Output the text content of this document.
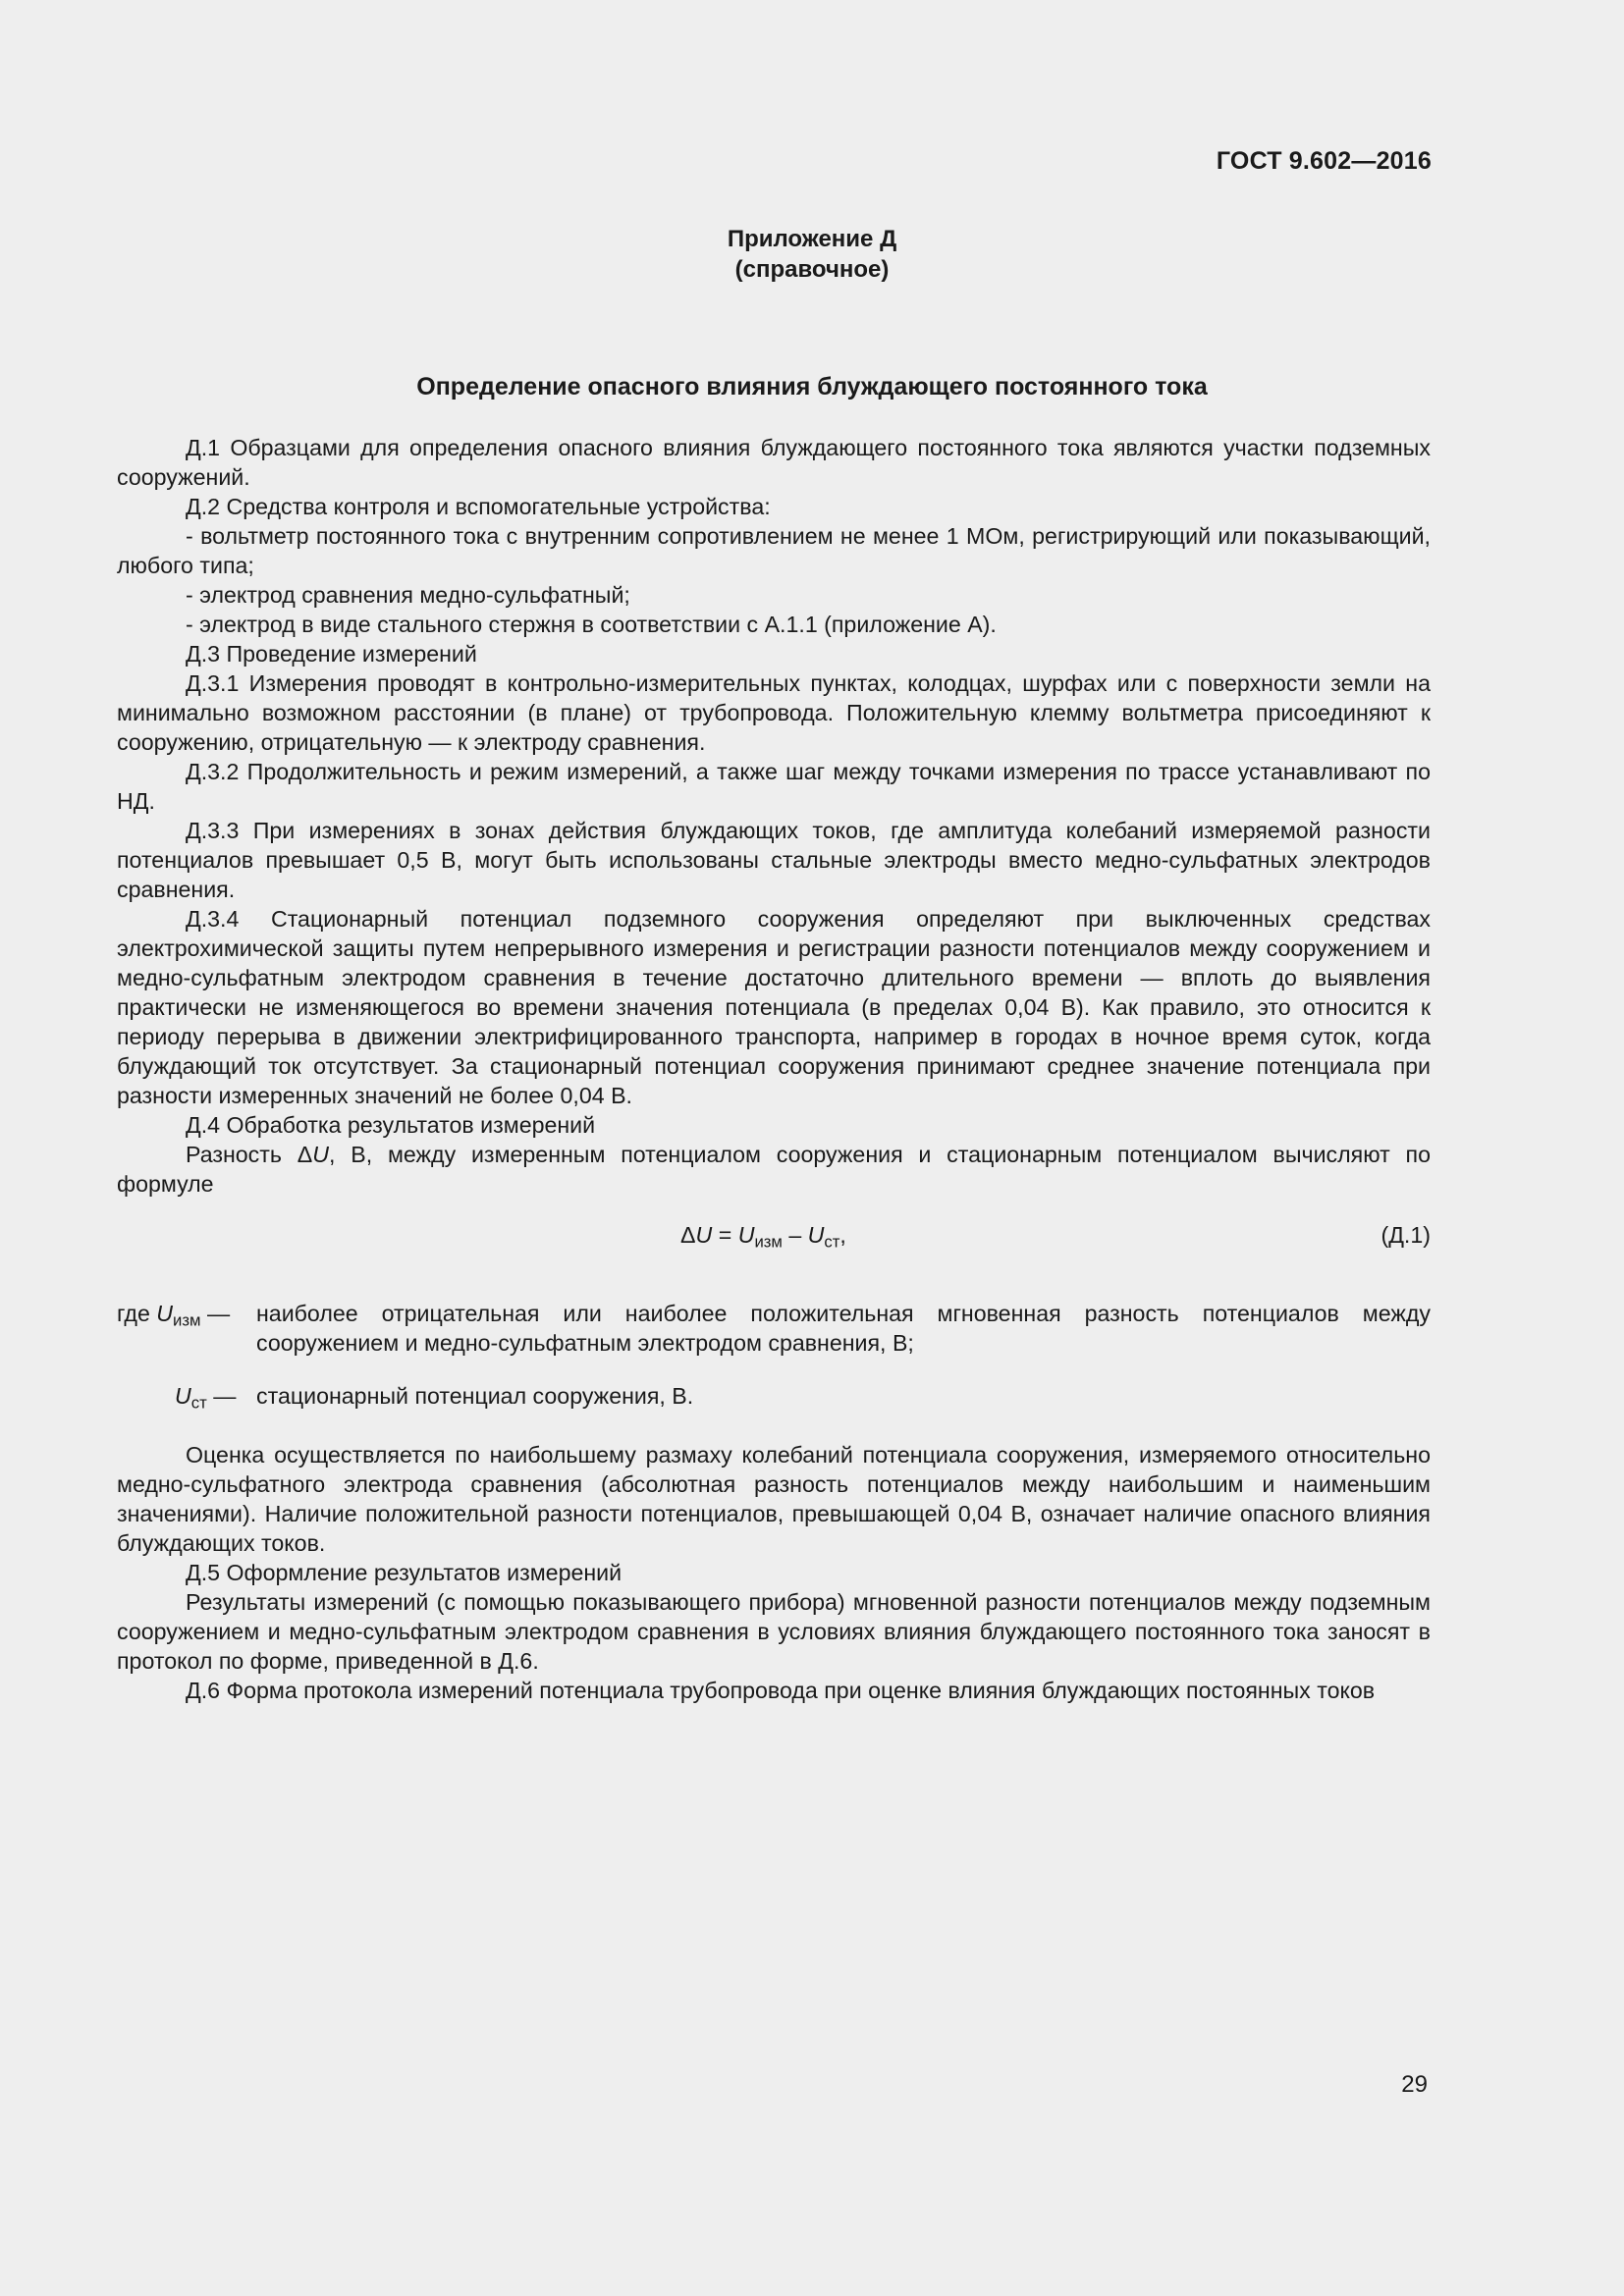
ГОСТ 9.602—2016
Приложение Д
(справочное)
Определение опасного влияния блуждающего постоянного тока

Д.1 Образцами для определения опасного влияния блуждающего постоянного тока являются участки подземных сооружений.

Д.2 Средства контроля и вспомогательные устройства:

- вольтметр постоянного тока с внутренним сопротивлением не менее 1 МОм, регистрирующий или показывающий, любого типа;

- электрод сравнения медно-сульфатный;

- электрод в виде стального стержня в соответствии с А.1.1 (приложение А).

Д.3 Проведение измерений

Д.3.1 Измерения проводят в контрольно-измерительных пунктах, колодцах, шурфах или с поверхности земли на минимально возможном расстоянии (в плане) от трубопровода. Положительную клемму вольтметра присоединяют к сооружению, отрицательную — к электроду сравнения.

Д.3.2 Продолжительность и режим измерений, а также шаг между точками измерения по трассе устанавливают по НД.

Д.3.3 При измерениях в зонах действия блуждающих токов, где амплитуда колебаний измеряемой разности потенциалов превышает 0,5 В, могут быть использованы стальные электроды вместо медно-сульфатных электродов сравнения.

Д.3.4 Стационарный потенциал подземного сооружения определяют при выключенных средствах электрохимической защиты путем непрерывного измерения и регистрации разности потенциалов между сооружением и медно-сульфатным электродом сравнения в течение достаточно длительного времени — вплоть до выявления практически не изменяющегося во времени значения потенциала (в пределах 0,04 В). Как правило, это относится к периоду перерыва в движении электрифицированного транспорта, например в городах в ночное время суток, когда блуждающий ток отсутствует. За стационарный потенциал сооружения принимают среднее значение потенциала при разности измеренных значений не более 0,04 В.

Д.4 Обработка результатов измерений

Разность ΔU, В, между измеренным потенциалом сооружения и стационарным потенциалом вычисляют по формуле

$\Delta U = U_{изм} - U_{ст}$,	(Д.1)
где $U_{изм}$ — наиболее отрицательная или наиболее положительная мгновенная разность потенциалов между сооружением и медно-сульфатным электродом сравнения, В;
$U_{ст}$ — стационарный потенциал сооружения, В.

Оценка осуществляется по наибольшему размаху колебаний потенциала сооружения, измеряемого относительно медно-сульфатного электрода сравнения (абсолютная разность потенциалов между наибольшим и наименьшим значениями). Наличие положительной разности потенциалов, превышающей 0,04 В, означает наличие опасного влияния блуждающих токов.

Д.5 Оформление результатов измерений

Результаты измерений (с помощью показывающего прибора) мгновенной разности потенциалов между подземным сооружением и медно-сульфатным электродом сравнения в условиях влияния блуждающего постоянного тока заносят в протокол по форме, приведенной в Д.6.

Д.6 Форма протокола измерений потенциала трубопровода при оценке влияния блуждающих постоянных токов

29
